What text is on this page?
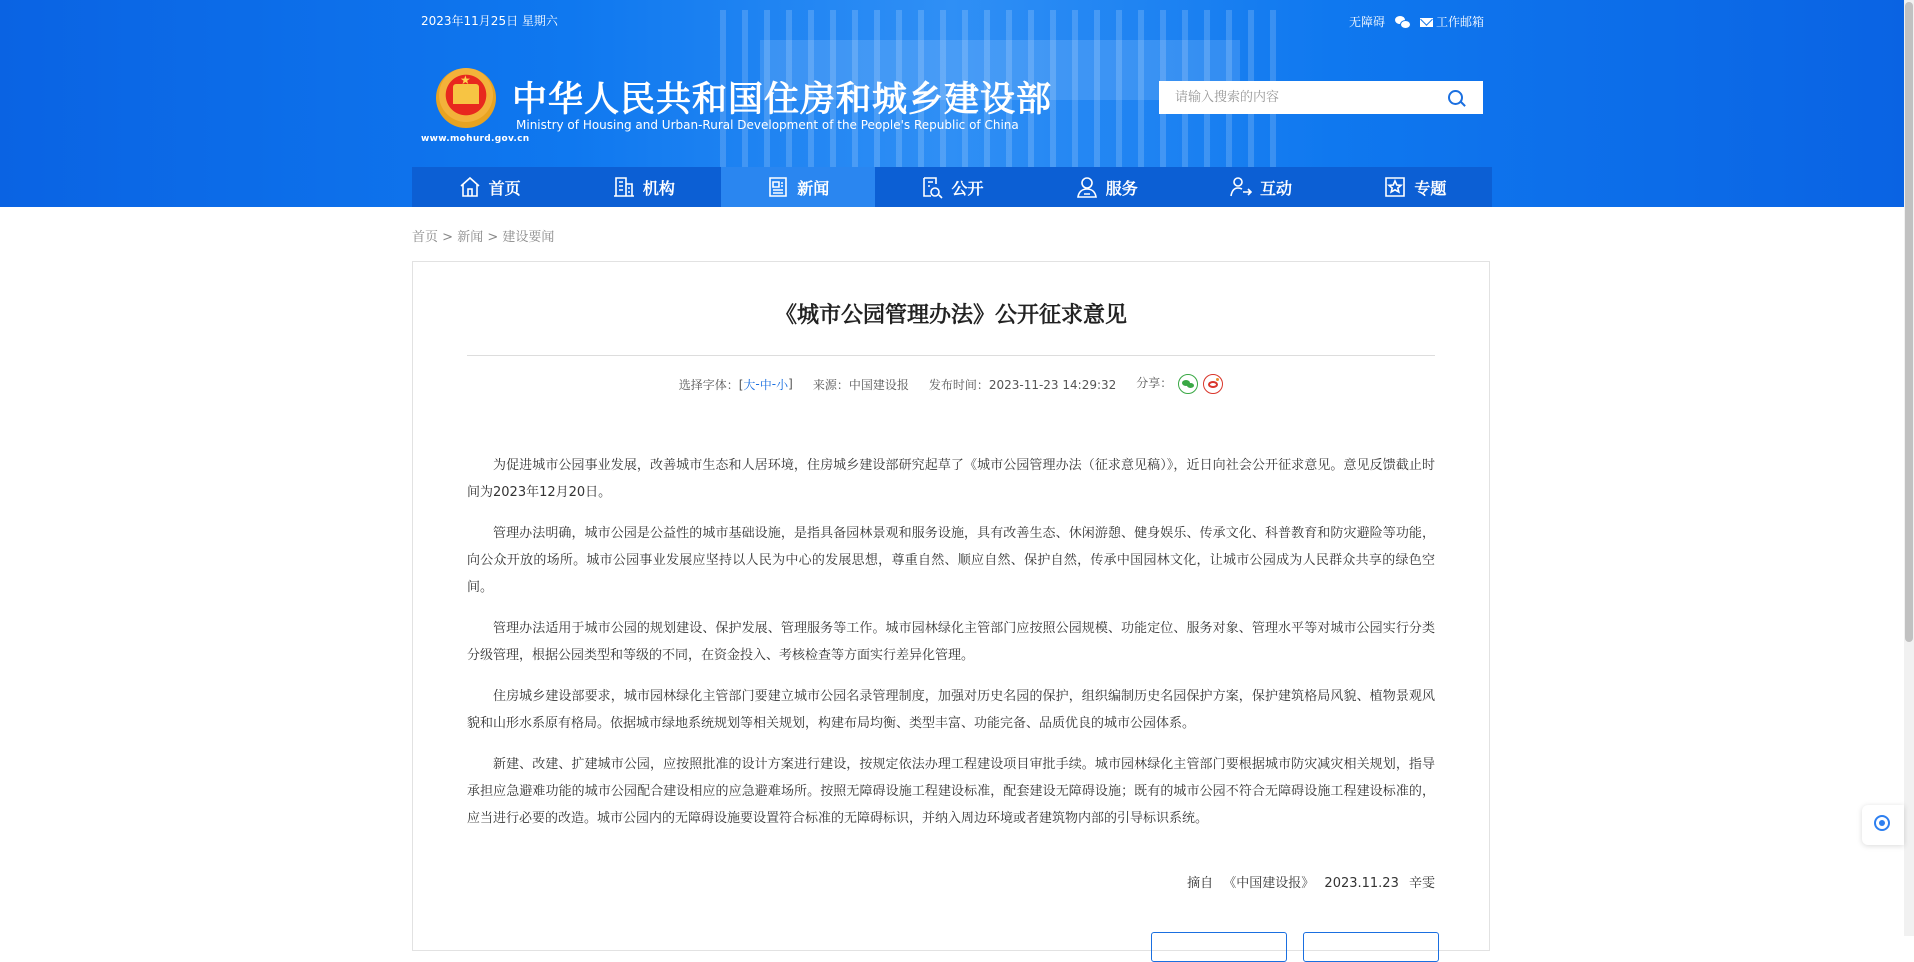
2023年11月25日 星期六	无障碍	工作邮箱
★
www.mohurd.gov.cn
中华人民共和国住房和城乡建设部
Ministry of Housing and Urban-Rural Development of the People's Republic of China
请输入搜索的内容
首页	机构	新闻	公开	服务	互动	专题
首页 > 新闻 > 建设要闻
《城市公园管理办法》公开征求意见
选择字体：[ 大 - 中 - 小 ] 来源：中国建设报 发布时间：2023-11-23 14:29:32 分享：

为促进城市公园事业发展，改善城市生态和人居环境，住房城乡建设部研究起草了《城市公园管理办法（征求意见稿）》，近日向社会公开征求意见。意见反馈截止时间为2023年12月20日。

管理办法明确，城市公园是公益性的城市基础设施，是指具备园林景观和服务设施，具有改善生态、休闲游憩、健身娱乐、传承文化、科普教育和防灾避险等功能，向公众开放的场所。城市公园事业发展应坚持以人民为中心的发展思想，尊重自然、顺应自然、保护自然，传承中国园林文化，让城市公园成为人民群众共享的绿色空间。

管理办法适用于城市公园的规划建设、保护发展、管理服务等工作。城市园林绿化主管部门应按照公园规模、功能定位、服务对象、管理水平等对城市公园实行分类分级管理，根据公园类型和等级的不同，在资金投入、考核检查等方面实行差异化管理。

住房城乡建设部要求，城市园林绿化主管部门要建立城市公园名录管理制度，加强对历史名园的保护，组织编制历史名园保护方案，保护建筑格局风貌、植物景观风貌和山形水系原有格局。依据城市绿地系统规划等相关规划，构建布局均衡、类型丰富、功能完备、品质优良的城市公园体系。

新建、改建、扩建城市公园，应按照批准的设计方案进行建设，按规定依法办理工程建设项目审批手续。城市园林绿化主管部门要根据城市防灾减灾相关规划，指导承担应急避难功能的城市公园配合建设相应的应急避难场所。按照无障碍设施工程建设标准，配套建设无障碍设施；既有的城市公园不符合无障碍设施工程建设标准的，应当进行必要的改造。城市公园内的无障碍设施要设置符合标准的无障碍标识，并纳入周边环境或者建筑物内部的引导标识系统。

摘自 《中国建设报》 2023.11.23 辛雯
